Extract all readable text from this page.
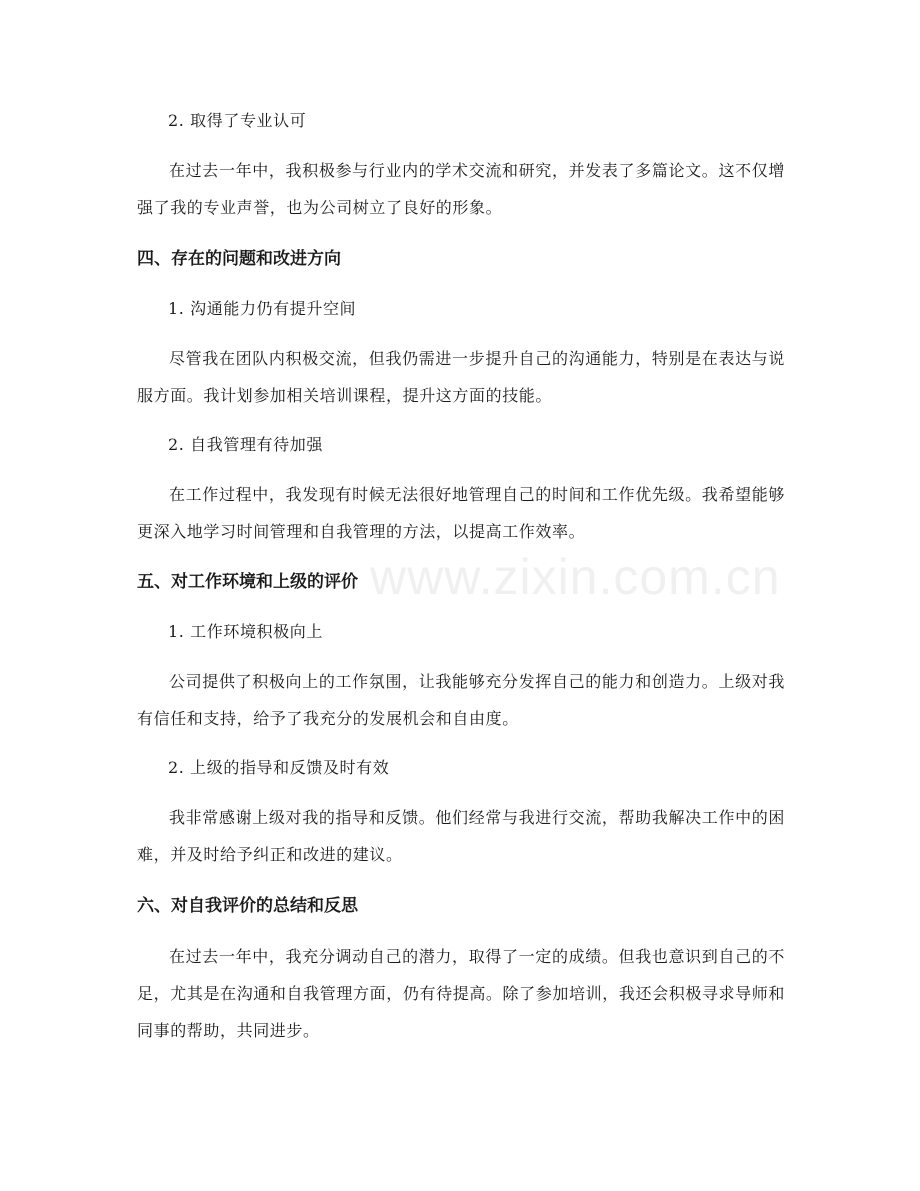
www.zixin.com.cn
2. 取得了专业认可

在过去一年中，我积极参与行业内的学术交流和研究，并发表了多篇论文。这不仅增强了我的专业声誉，也为公司树立了良好的形象。

四、存在的问题和改进方向
1. 沟通能力仍有提升空间

尽管我在团队内积极交流，但我仍需进一步提升自己的沟通能力，特别是在表达与说服方面。我计划参加相关培训课程，提升这方面的技能。

2. 自我管理有待加强

在工作过程中，我发现有时候无法很好地管理自己的时间和工作优先级。我希望能够更深入地学习时间管理和自我管理的方法，以提高工作效率。

五、对工作环境和上级的评价
1. 工作环境积极向上

公司提供了积极向上的工作氛围，让我能够充分发挥自己的能力和创造力。上级对我有信任和支持，给予了我充分的发展机会和自由度。

2. 上级的指导和反馈及时有效

我非常感谢上级对我的指导和反馈。他们经常与我进行交流，帮助我解决工作中的困难，并及时给予纠正和改进的建议。

六、对自我评价的总结和反思

在过去一年中，我充分调动自己的潜力，取得了一定的成绩。但我也意识到自己的不足，尤其是在沟通和自我管理方面，仍有待提高。除了参加培训，我还会积极寻求导师和同事的帮助，共同进步。
